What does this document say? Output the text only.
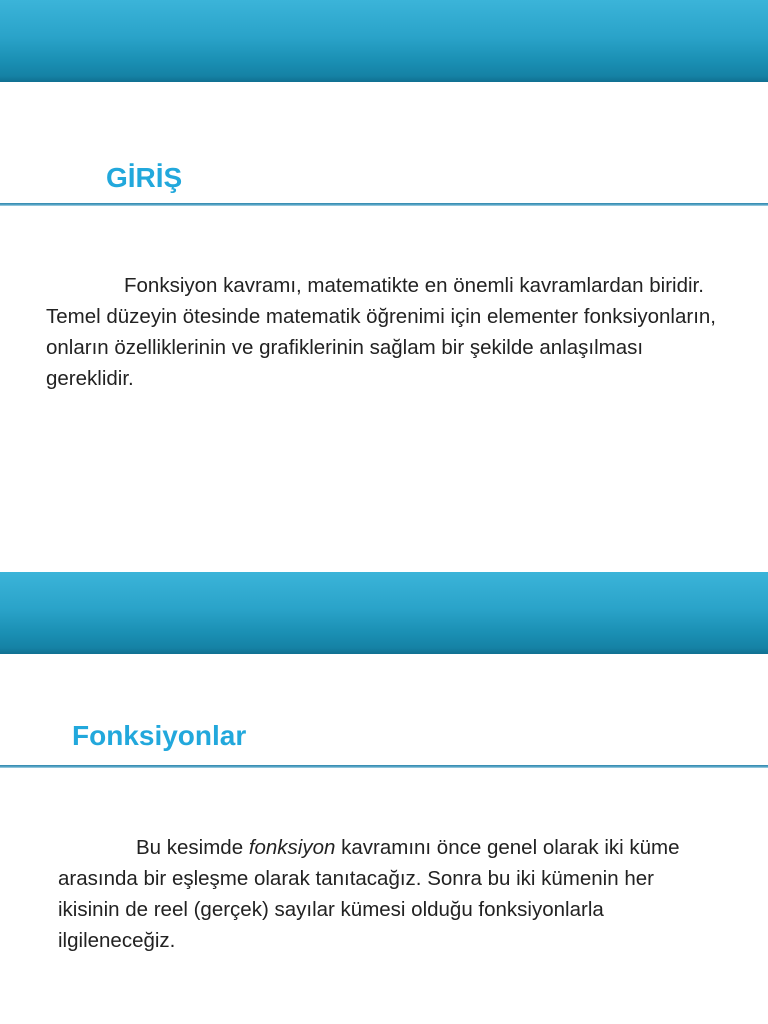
GİRİŞ

Fonksiyon kavramı, matematikte en önemli kavramlardan biridir. Temel düzeyin ötesinde matematik öğrenimi için elementer fonksiyonların, onların özelliklerinin ve grafiklerinin sağlam bir şekilde anlaşılması gereklidir.

Fonksiyonlar

Bu kesimde fonksiyon kavramını önce genel olarak iki küme arasında bir eşleşme olarak tanıtacağız. Sonra bu iki kümenin her ikisinin de reel (gerçek) sayılar kümesi olduğu fonksiyonlarla ilgileneceğiz.
